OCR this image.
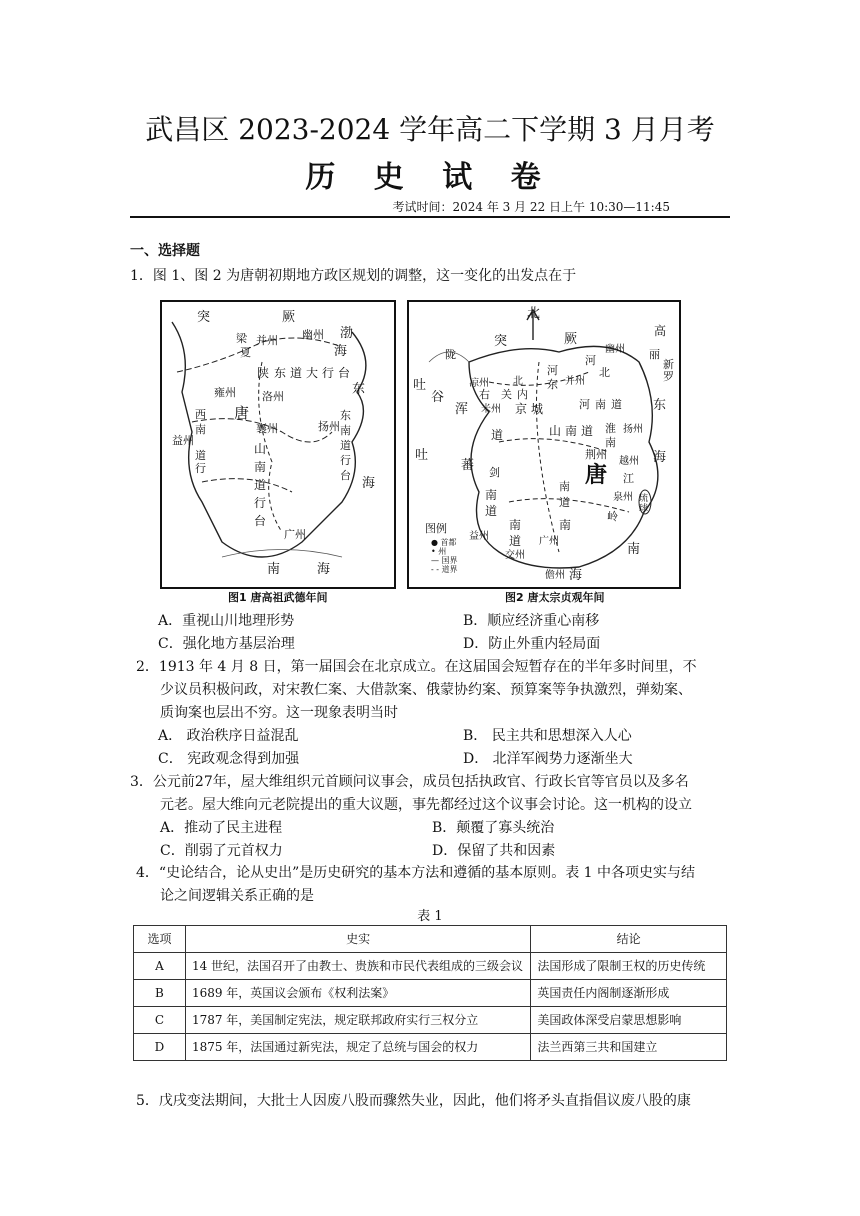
武昌区 2023-2024 学年高二下学期 3 月月考
历 史 试 卷
考试时间：2024 年 3 月 22 日上午 10:30—11:45
一、选择题
1．图 1、图 2 为唐朝初期地方政区规划的调整，这一变化的出发点在于
突	厥
幽州 渤
海
梁
夏
并州
陕 东 道 大 行 台
雍州
唐
洛州	东
西
南
道
行
益州
襄州
山
南
道
行
台
扬州
东
南
道
行
台
海
广州
南	海
图1 唐高祖武德年间
北
突	厥
高
新
丽
罗
陇
吐
谷
浑
右
凉州
米州
关 内
北
京 城
河
东
河
北
并州
幽州
河 南 道
扬州
淮
南
东
海
吐
蕃
道	山 南 道
剑
南
道
益州
荆州
唐 江
南
道
越州
泉州
岭
南
道
南
交州
广州
南
海
琉球
儋州
图例
● 首都
• 州
— 国界
- - 道界
图2 唐太宗贞观年间
A．重视山川地理形势	B．顺应经济重心南移
C．强化地方基层治理	D．防止外重内轻局面
2．1913 年 4 月 8 日，第一届国会在北京成立。在这届国会短暂存在的半年多时间里，不
少议员积极问政，对宋教仁案、大借款案、俄蒙协约案、预算案等争执激烈，弹劾案、
质询案也层出不穷。这一现象表明当时
A． 政治秩序日益混乱	B． 民主共和思想深入人心
C． 宪政观念得到加强	D． 北洋军阀势力逐渐坐大
3．公元前27年，屋大维组织元首顾问议事会，成员包括执政官、行政长官等官员以及多名
元老。屋大维向元老院提出的重大议题，事先都经过这个议事会讨论。这一机构的设立
A．推动了民主进程	B．颠覆了寡头统治
C．削弱了元首权力	D．保留了共和因素
4．“史论结合，论从史出”是历史研究的基本方法和遵循的基本原则。表 1 中各项史实与结
论之间逻辑关系正确的是
表 1
选项	史实	结论
A	14 世纪，法国召开了由教士、贵族和市民代表组成的三级会议	法国形成了限制王权的历史传统
B	1689 年，英国议会颁布《权利法案》	英国责任内阁制逐渐形成
C	1787 年，美国制定宪法，规定联邦政府实行三权分立	美国政体深受启蒙思想影响
D	1875 年，法国通过新宪法，规定了总统与国会的权力	法兰西第三共和国建立
5．戊戌变法期间，大批士人因废八股而骤然失业，因此，他们将矛头直指倡议废八股的康
